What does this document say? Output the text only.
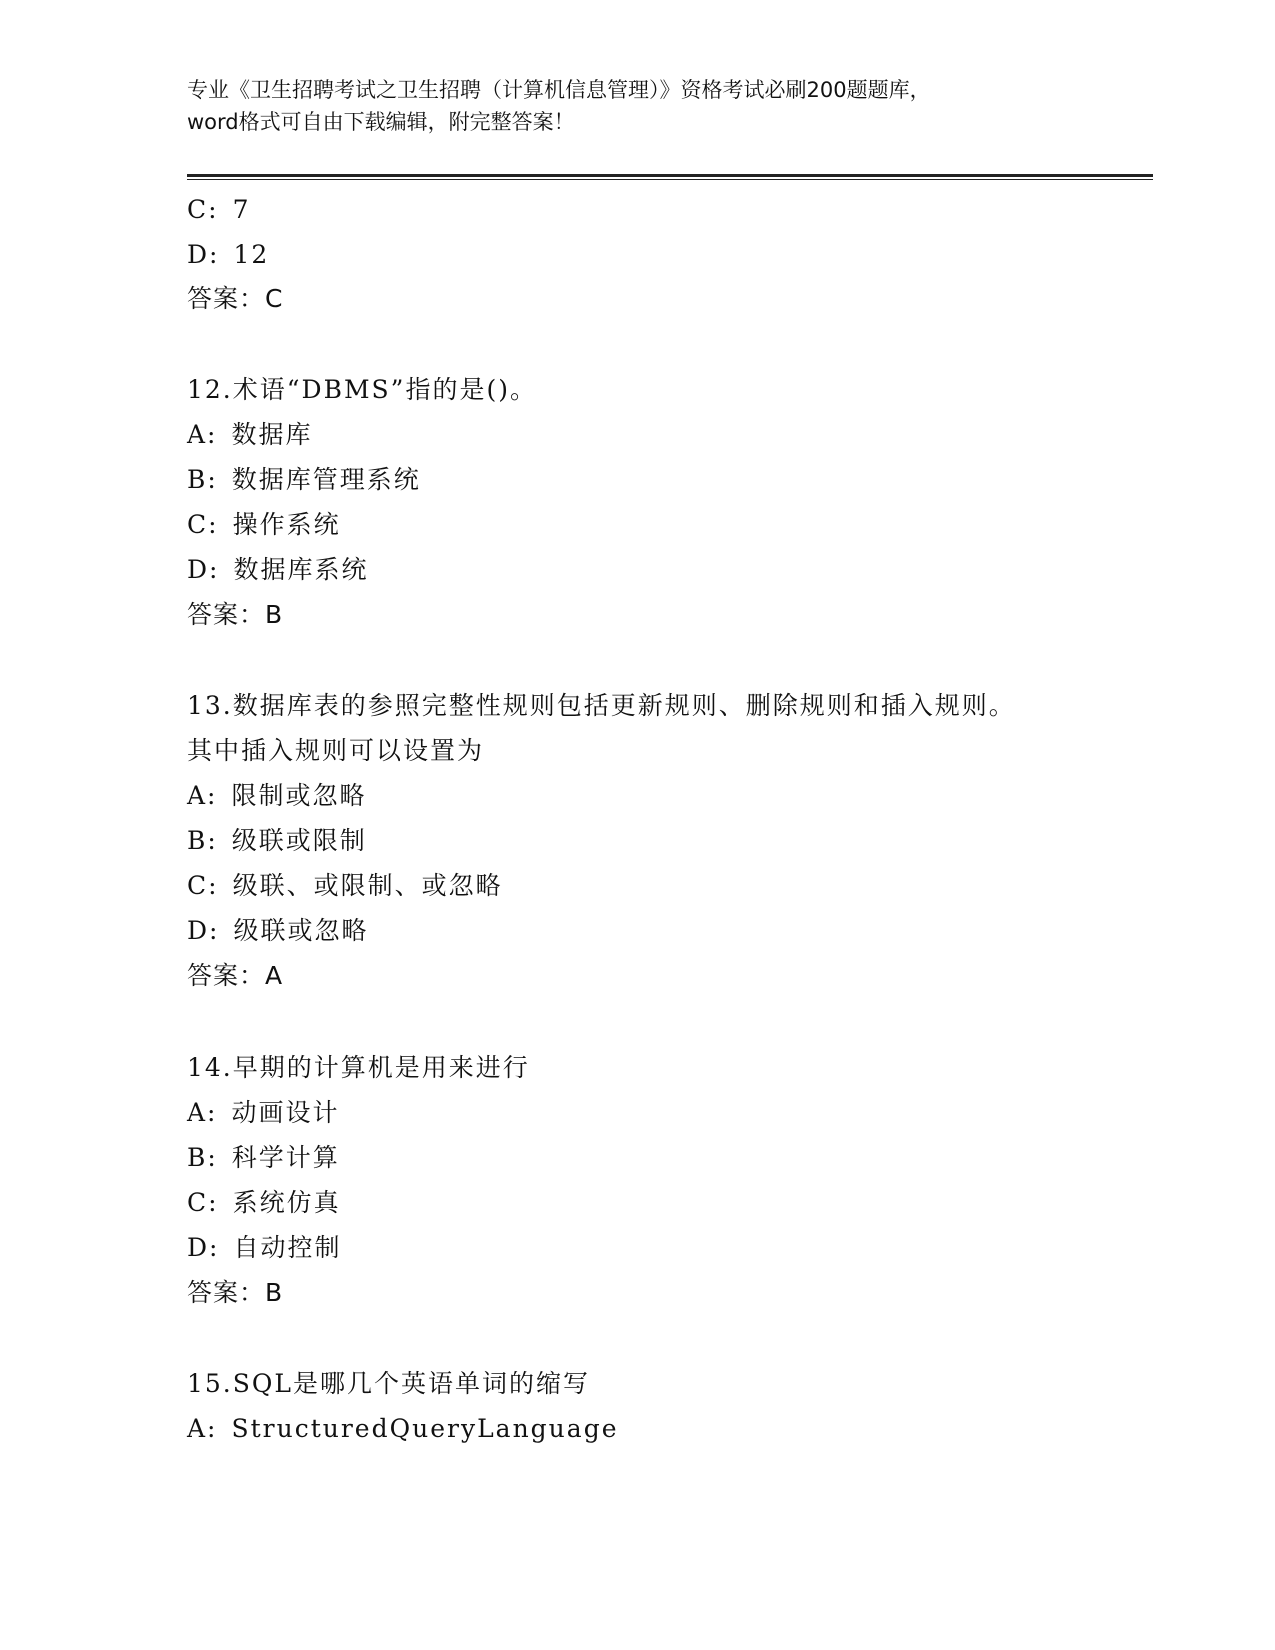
专业《卫生招聘考试之卫生招聘（计算机信息管理）》资格考试必刷200题题库，
word格式可自由下载编辑，附完整答案！
C: 7
D: 12
答案：C
12.术语“DBMS”指的是()。
A: 数据库
B: 数据库管理系统
C: 操作系统
D: 数据库系统
答案：B
13.数据库表的参照完整性规则包括更新规则、删除规则和插入规则。
其中插入规则可以设置为
A: 限制或忽略
B: 级联或限制
C: 级联、或限制、或忽略
D: 级联或忽略
答案：A
14.早期的计算机是用来进行
A: 动画设计
B: 科学计算
C: 系统仿真
D: 自动控制
答案：B
15.SQL是哪几个英语单词的缩写
A: StructuredQueryLanguage
